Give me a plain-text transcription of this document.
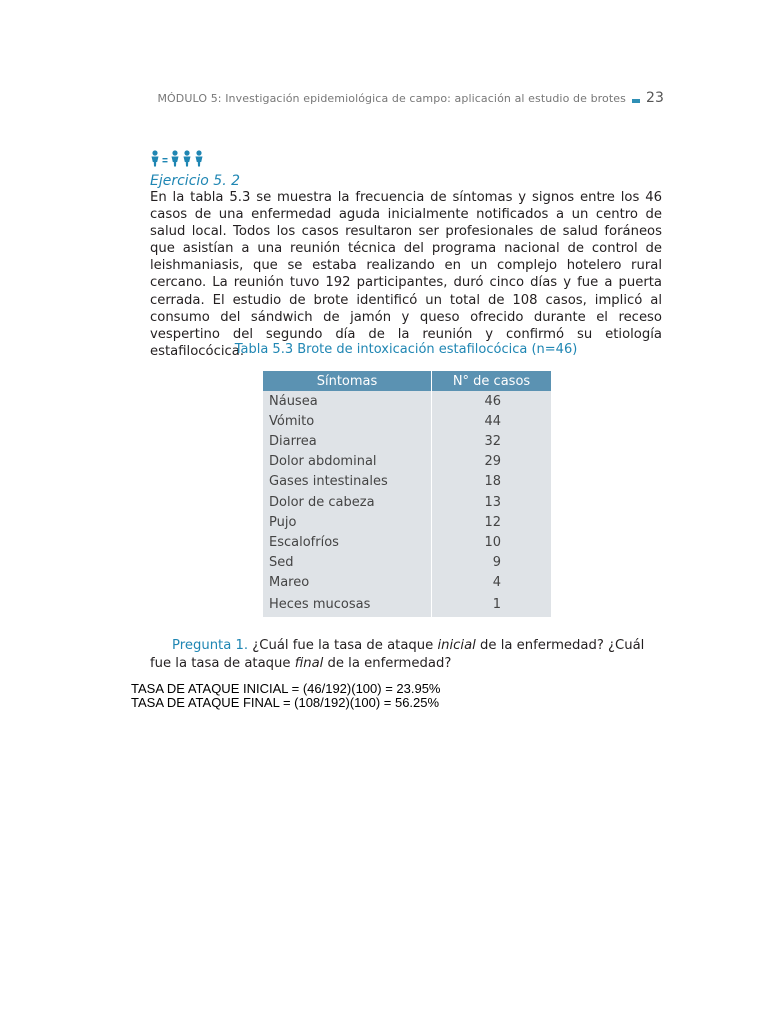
MÓDULO 5: Investigación epidemiológica de campo: aplicación al estudio de brotes 23
Ejercicio 5. 2

En la tabla 5.3 se muestra la frecuencia de síntomas y signos entre los 46 casos de una enfermedad aguda inicialmente notificados a un centro de salud local. Todos los casos resultaron ser profesionales de salud foráneos que asistían a una reunión técnica del programa nacional de control de leishmaniasis, que se estaba realizando en un complejo hotelero rural cercano. La reunión tuvo 192 participantes, duró cinco días y fue a puerta cerrada. El estudio de brote identificó un total de 108 casos, implicó al consumo del sándwich de jamón y queso ofrecido durante el receso vespertino del segundo día de la reunión y confirmó su etiología estafilocócica.

Tabla 5.3 Brote de intoxicación estafilocócica (n=46)
Síntomas	N° de casos
Náusea	46
Vómito	44
Diarrea	32
Dolor abdominal	29
Gases intestinales	18
Dolor de cabeza	13
Pujo	12
Escalofríos	10
Sed	9
Mareo	4
Heces mucosas	1

Pregunta 1. ¿Cuál fue la tasa de ataque inicial de la enfermedad? ¿Cuál fue la tasa de ataque final de la enfermedad?

TASA DE ATAQUE INICIAL = (46/192)(100) = 23.95%
TASA DE ATAQUE FINAL = (108/192)(100) = 56.25%
